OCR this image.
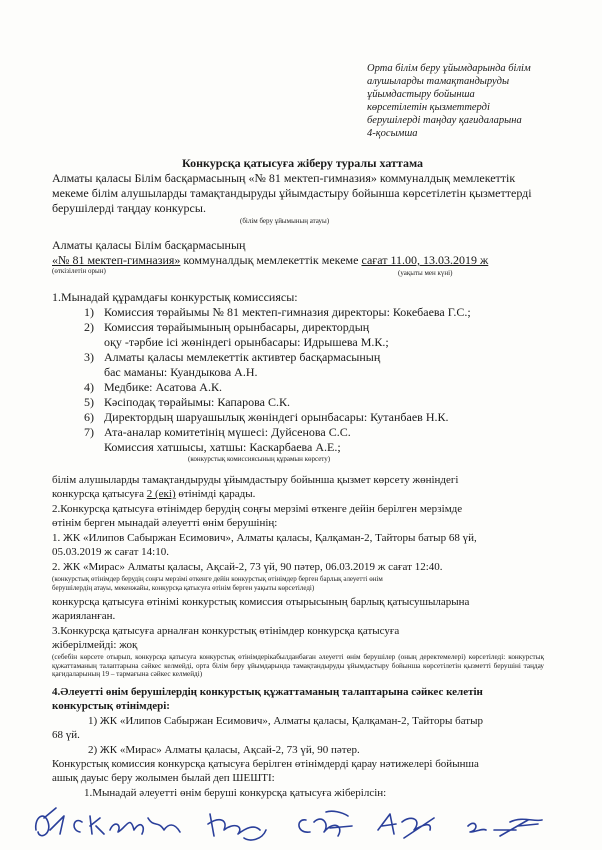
Орта білім беру ұйымдарында білім

алушыларды тамақтандыруды

ұйымдастыру бойынша

көрсетілетін қызметтерді

берушілерді таңдау қағидаларына

4-қосымша

Конкурсқа қатысуға жіберу туралы хаттама

Алматы қаласы Білім басқармасының «№ 81 мектеп-гимназия» коммуналдық мемлекеттік

мекеме білім алушыларды тамақтандыруды ұйымдастыру бойынша көрсетілетін қызметтерді

берушілерді таңдау конкурсы.

(білім беру ұйымының атауы)

Алматы қаласы Білім басқармасының

«№ 81 мектеп-гимназия» коммуналдық мемлекеттік мекеме сағат 11.00, 13.03.2019 ж

(өткізілетін орын)	(уақыты мен күні)

1.Мынадай құрамдағы конкурстық комиссиясы:

1) Комиссия төрайымы № 81 мектеп-гимназия директоры: Кокебаева Г.С.;

2) Комиссия төрайымының орынбасары, директордың

оқу -тәрбие ісі жөніндегі орынбасары: Идрышева М.К.;

3) Алматы қаласы мемлекеттік активтер басқармасының

бас маманы: Куандыкова А.Н.

4) Медбике: Асатова А.К.

5) Кәсіподақ төрайымы: Капарова С.К.

6) Директордың шаруашылық жөніндегі орынбасары: Кутанбаев Н.К.

7) Ата-аналар комитетінің мүшесі: Дуйсенова С.С.

Комиссия хатшысы, хатшы: Каскарбаева А.Е.;

(конкурстық комиссиясының құрамын көрсету)

білім алушыларды тамақтандыруды ұйымдастыру бойынша қызмет көрсету жөніндегі

конкурсқа қатысуға 2 (екі) өтінімді қарады.

2.Конкурсқа қатысуға өтінімдер берудің соңғы мерзімі өткенге дейін берілген мерзімде

өтінім берген мынадай әлеуетті өнім берушінің:

1. ЖК «Илипов Сабыржан Есимович», Алматы қаласы, Қалқаман-2, Тайторы батыр 68 үй,

05.03.2019 ж сағат 14:10.

2. ЖК «Мирас» Алматы қаласы, Ақсай-2, 73 үй, 90 пәтер, 06.03.2019 ж сағат 12:40.

(конкурстық өтінімдер берудің соңғы мерзімі өткенге дейін конкурстық өтінімдер берген барлық әлеуетті өнім

берушілердің атауы, мекенжайы, конкурсқа қатысуға өтінім берген уақыты көрсетіледі)

конкурсқа қатысуға өтінімі конкурстық комиссия отырысының барлық қатысушыларына

жарияланған.

3.Конкурсқа қатысуға арналған конкурстық өтінімдер конкурсқа қатысуға

жіберілмейді: жоқ

(себебін көрсете отырып, конкурсқа қатысуға конкурстық өтінімдерікабылданбаған әлеуетті өнім берушілер (оның деректемелері) көрсетіледі: конкурстық құжаттаманың талаптарына сәйкес келмейді, орта білім беру ұйымдарында тамақтандыруды ұйымдастыру бойынша көрсетілетін қызметті берушіні таңдау қағидаларының 19 – тармағына сәйкес келмейді)

4.Әлеуетті өнім берушілердің конкурстық құжаттаманың талаптарына сәйкес келетін

конкурстық өтінімдері:

1) ЖК «Илипов Сабыржан Есимович», Алматы қаласы, Қалқаман-2, Тайторы батыр

68 үй.

2) ЖК «Мирас» Алматы қаласы, Ақсай-2, 73 үй, 90 пәтер.

Конкурстық комиссия конкурсқа қатысуға берілген өтінімдерді қарау нәтижелері бойынша

ашық дауыс беру жолымен былай деп ШЕШТІ:

1.Мынадай әлеуетті өнім беруші конкурсқа қатысуға жіберілсін:
